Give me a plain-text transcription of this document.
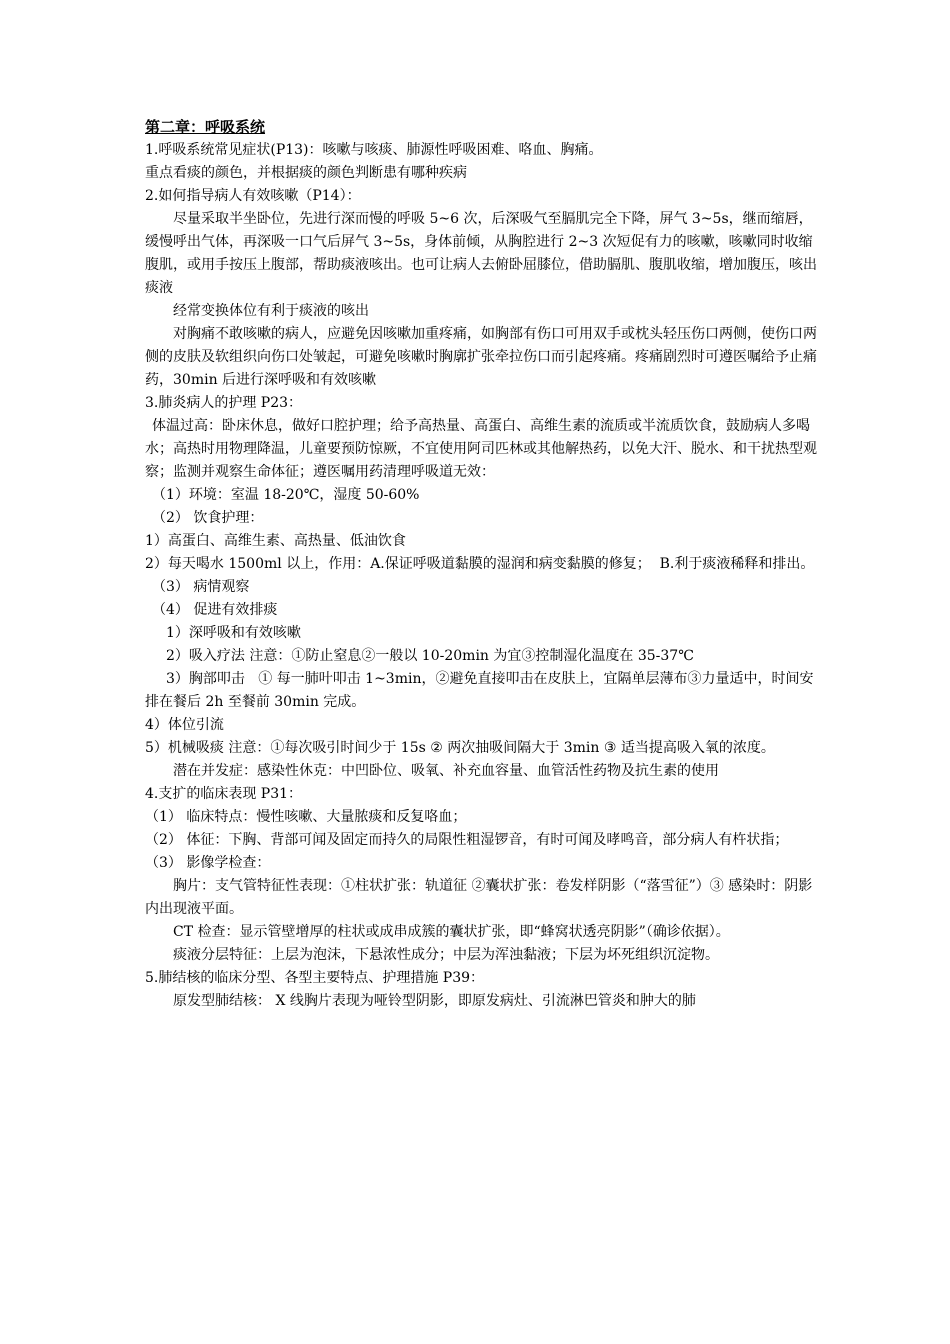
第二章：呼吸系统

1.呼吸系统常见症状(P13)：咳嗽与咳痰、肺源性呼吸困难、咯血、胸痛。

重点看痰的颜色，并根据痰的颜色判断患有哪种疾病

2.如何指导病人有效咳嗽（P14）：

尽量采取半坐卧位，先进行深而慢的呼吸 5~6 次，后深吸气至膈肌完全下降，屏气 3~5s，继而缩唇，缓慢呼出气体，再深吸一口气后屏气 3~5s，身体前倾，从胸腔进行 2~3 次短促有力的咳嗽，咳嗽同时收缩腹肌，或用手按压上腹部，帮助痰液咳出。也可让病人去俯卧屈膝位，借助膈肌、腹肌收缩，增加腹压，咳出痰液

经常变换体位有利于痰液的咳出

对胸痛不敢咳嗽的病人，应避免因咳嗽加重疼痛，如胸部有伤口可用双手或枕头轻压伤口两侧，使伤口两侧的皮肤及软组织向伤口处皱起，可避免咳嗽时胸廓扩张牵拉伤口而引起疼痛。疼痛剧烈时可遵医嘱给予止痛药，30min 后进行深呼吸和有效咳嗽

3.肺炎病人的护理 P23：

体温过高：卧床休息，做好口腔护理；给予高热量、高蛋白、高维生素的流质或半流质饮食，鼓励病人多喝水；高热时用物理降温，儿童要预防惊厥，不宜使用阿司匹林或其他解热药，以免大汗、脱水、和干扰热型观察；监测并观察生命体征；遵医嘱用药清理呼吸道无效：

（1）环境：室温 18-20℃，湿度 50-60%

（2） 饮食护理：

1）高蛋白、高维生素、高热量、低油饮食

2）每天喝水 1500ml 以上，作用：A.保证呼吸道黏膜的湿润和病变黏膜的修复；  B.利于痰液稀释和排出。

（3） 病情观察

（4） 促进有效排痰

1）深呼吸和有效咳嗽

2）吸入疗法 注意：①防止窒息②一般以 10-20min 为宜③控制湿化温度在 35-37℃

3）胸部叩击   ① 每一肺叶叩击 1~3min，②避免直接叩击在皮肤上，宜隔单层薄布③力量适中，时间安排在餐后 2h 至餐前 30min 完成。

4）体位引流

5）机械吸痰 注意：①每次吸引时间少于 15s ② 两次抽吸间隔大于 3min ③ 适当提高吸入氧的浓度。

潜在并发症：感染性休克：中凹卧位、吸氧、补充血容量、血管活性药物及抗生素的使用

4.支扩的临床表现 P31：

（1） 临床特点：慢性咳嗽、大量脓痰和反复咯血；

（2） 体征：下胸、背部可闻及固定而持久的局限性粗湿锣音，有时可闻及哮鸣音，部分病人有杵状指；

（3） 影像学检查：

胸片：支气管特征性表现：①柱状扩张：轨道征 ②囊状扩张：卷发样阴影（“落雪征”）③ 感染时：阴影内出现液平面。

CT 检查：显示管壁增厚的柱状或成串成簇的囊状扩张，即“蜂窝状透亮阴影”（确诊依据）。

痰液分层特征：上层为泡沫，下悬浓性成分；中层为浑浊黏液；下层为坏死组织沉淀物。

5.肺结核的临床分型、各型主要特点、护理措施 P39：

原发型肺结核： X 线胸片表现为哑铃型阴影，即原发病灶、引流淋巴管炎和肿大的肺
